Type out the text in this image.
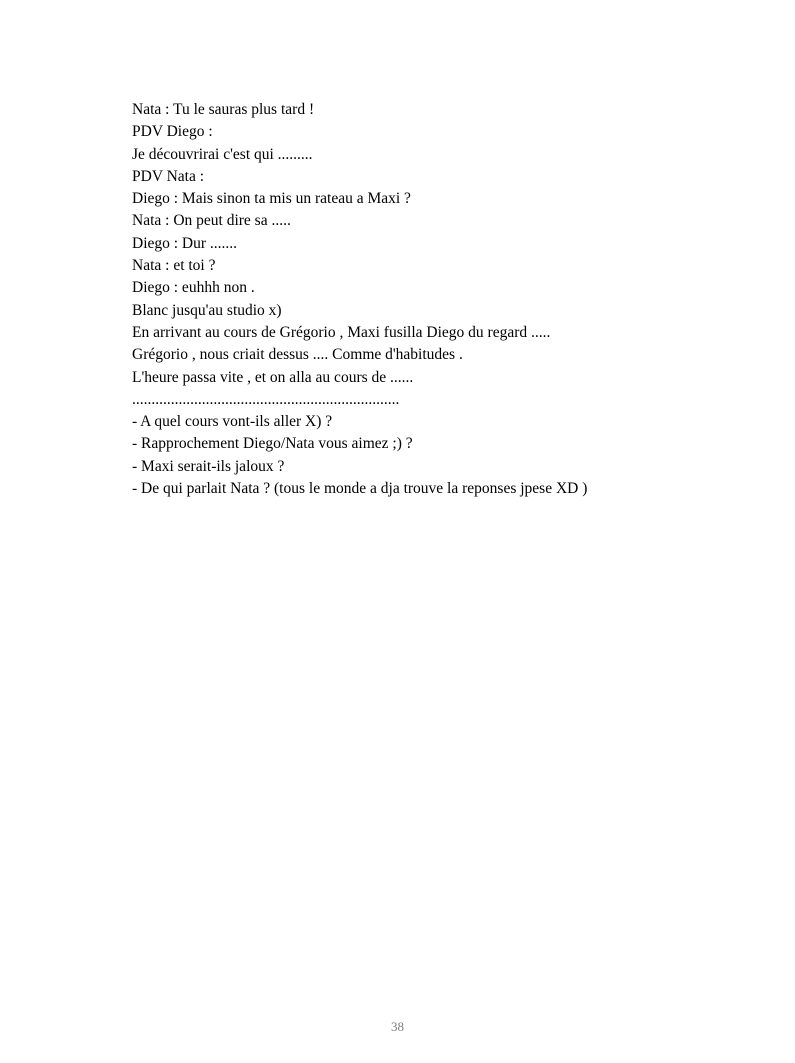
Nata : Tu le sauras plus tard !
PDV Diego :
Je découvrirai c'est qui .........
PDV Nata :
Diego : Mais sinon ta mis un rateau a Maxi ?
Nata : On peut dire sa .....
Diego : Dur .......
Nata : et toi ?
Diego : euhhh non .
Blanc jusqu'au studio x)
En arrivant au cours de Grégorio , Maxi fusilla Diego du regard .....
Grégorio , nous criait dessus .... Comme d'habitudes .
L'heure passa vite , et on alla au cours de ......
.....................................................................
- A quel cours vont-ils aller X) ?
- Rapprochement Diego/Nata vous aimez ;) ?
- Maxi serait-ils jaloux ?
- De qui parlait Nata ? (tous le monde a dja trouve la reponses jpese XD )
38
